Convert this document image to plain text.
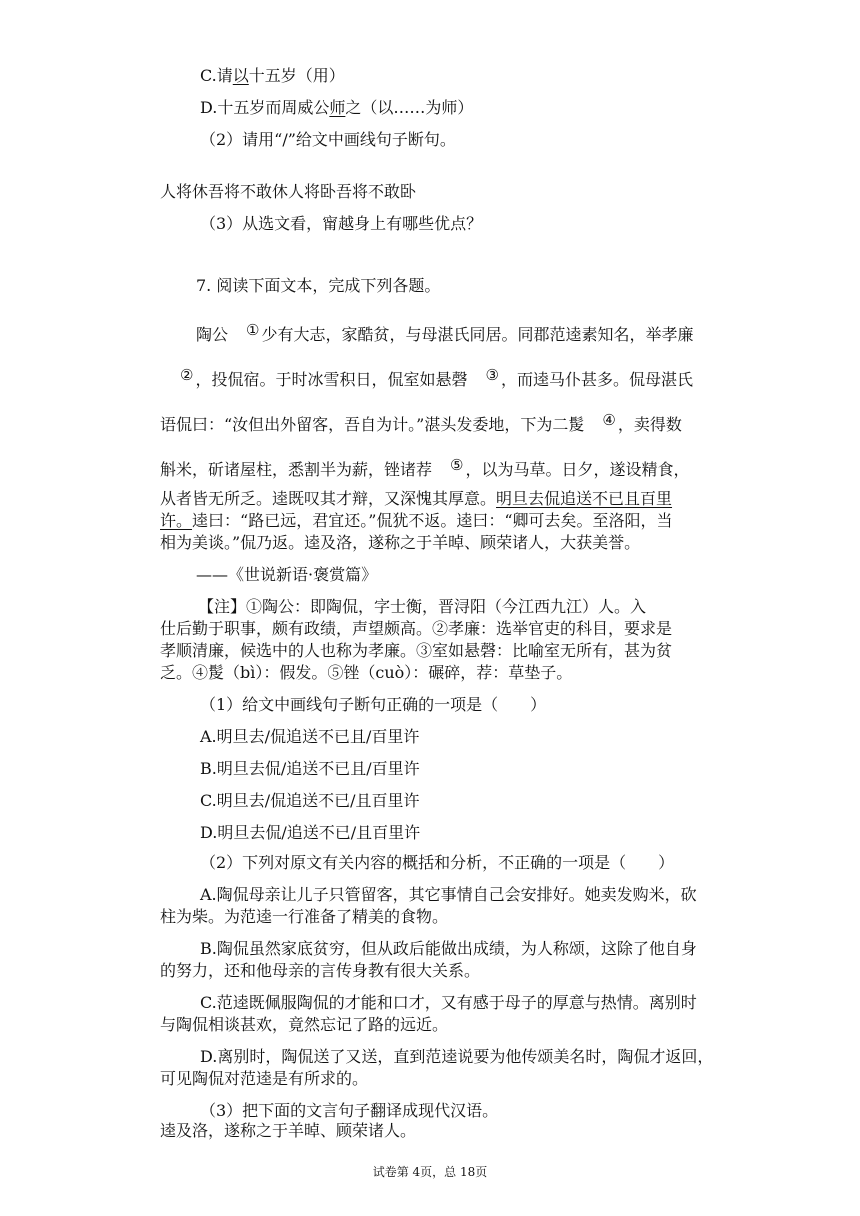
C.请以十五岁（用）
D.十五岁而周威公师之（以……为师）
（2）请用“/”给文中画线句子断句。
人将休吾将不敢休人将卧吾将不敢卧
（3）从选文看，甯越身上有哪些优点？
7. 阅读下面文本，完成下列各题。
陶公　 ① 少有大志，家酷贫，与母湛氏同居。同郡范逵素知名，举孝廉
② ，投侃宿。于时冰雪积日，侃室如悬磬　 ③ ，而逵马仆甚多。侃母湛氏
语侃曰：“汝但出外留客，吾自为计。”湛头发委地，下为二髲　 ④ ，卖得数
斛米，斫诸屋柱，悉割半为薪，锉诸荐　 ⑤ ，以为马草。日夕，遂设精食，
从者皆无所乏。逵既叹其才辩，又深愧其厚意。明旦去侃追送不已且百里
许。逵曰：“路已远，君宜还。”侃犹不返。逵曰：“卿可去矣。至洛阳，当
相为美谈。”侃乃返。逵及洛，遂称之于羊晫、顾荣诸人，大获美誉。
——《世说新语·褒赏篇》
【注】①陶公：即陶侃，字士衡，晋浔阳（今江西九江）人。入
仕后勤于职事，颇有政绩，声望颇高。②孝廉：选举官吏的科目，要求是
孝顺清廉，候选中的人也称为孝廉。③室如悬磬：比喻室无所有，甚为贫
乏。④髲（bì）：假发。⑤锉（cuò）：碾碎，荐：草垫子。
（1）给文中画线句子断句正确的一项是（　　）
A.明旦去/侃追送不已且/百里许
B.明旦去侃/追送不已且/百里许
C.明旦去/侃追送不已/且百里许
D.明旦去侃/追送不已/且百里许
（2）下列对原文有关内容的概括和分析，不正确的一项是（　　）
A.陶侃母亲让儿子只管留客，其它事情自己会安排好。她卖发购米，砍
柱为柴。为范逵一行准备了精美的食物。
B.陶侃虽然家底贫穷，但从政后能做出成绩，为人称颂，这除了他自身
的努力，还和他母亲的言传身教有很大关系。
C.范逵既佩服陶侃的才能和口才，又有感于母子的厚意与热情。离别时
与陶侃相谈甚欢，竟然忘记了路的远近。
D.离别时，陶侃送了又送，直到范逵说要为他传颂美名时，陶侃才返回，
可见陶侃对范逵是有所求的。
（3）把下面的文言句子翻译成现代汉语。
逵及洛，遂称之于羊晫、顾荣诸人。
试卷第 4页，总 18页
